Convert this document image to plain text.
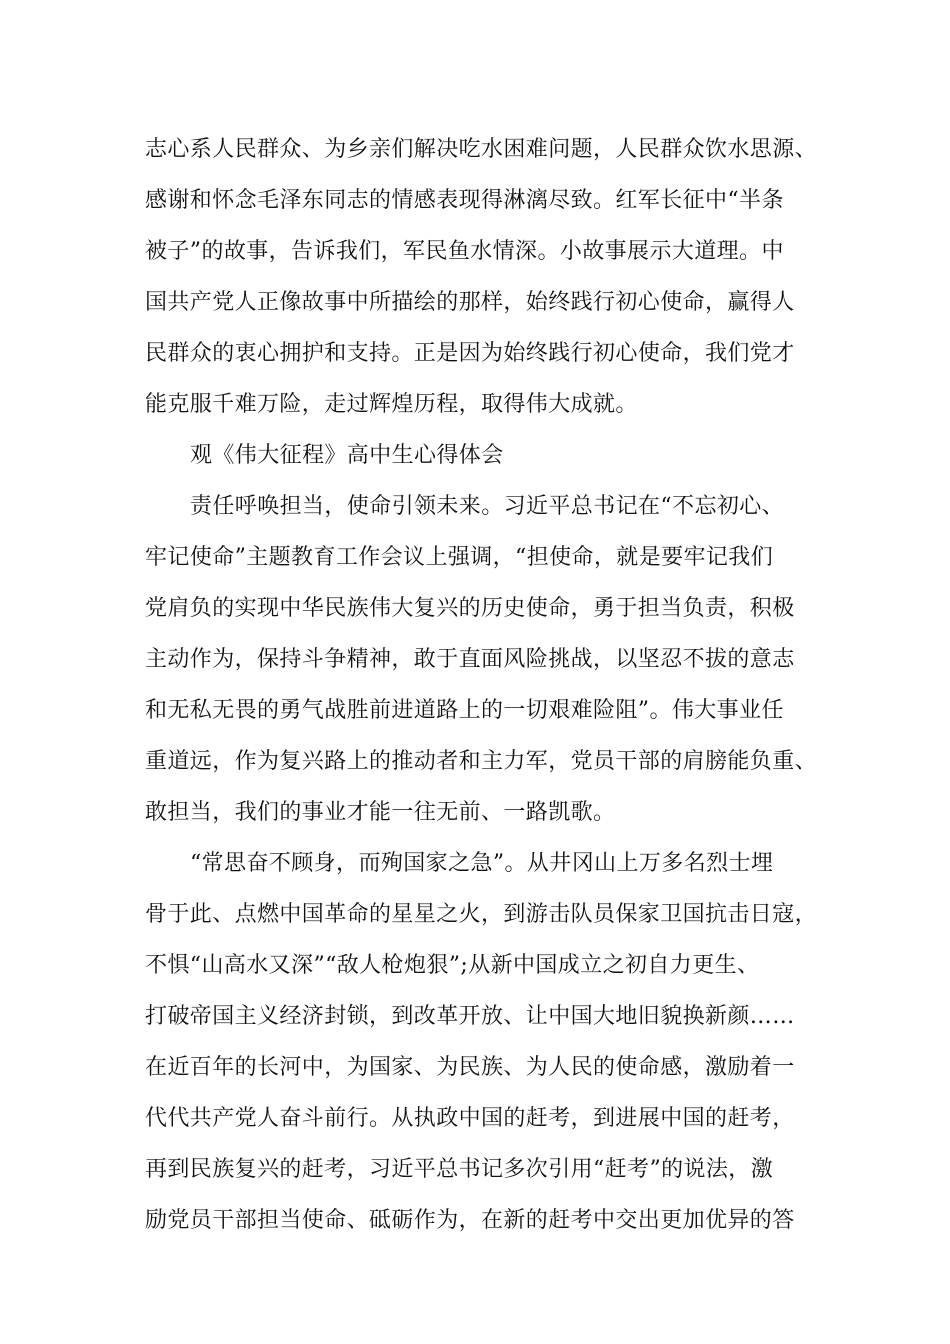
志心系人民群众、为乡亲们解决吃水困难问题，人民群众饮水思源、
感谢和怀念毛泽东同志的情感表现得淋漓尽致。红军长征中“半条
被子”的故事，告诉我们，军民鱼水情深。小故事展示大道理。中
国共产党人正像故事中所描绘的那样，始终践行初心使命，赢得人
民群众的衷心拥护和支持。正是因为始终践行初心使命，我们党才
能克服千难万险，走过辉煌历程，取得伟大成就。
观《伟大征程》高中生心得体会
责任呼唤担当，使命引领未来。习近平总书记在“不忘初心、
牢记使命”主题教育工作会议上强调，“担使命，就是要牢记我们
党肩负的实现中华民族伟大复兴的历史使命，勇于担当负责，积极
主动作为，保持斗争精神，敢于直面风险挑战，以坚忍不拔的意志
和无私无畏的勇气战胜前进道路上的一切艰难险阻”。伟大事业任
重道远，作为复兴路上的推动者和主力军，党员干部的肩膀能负重、
敢担当，我们的事业才能一往无前、一路凯歌。
“常思奋不顾身，而殉国家之急”。从井冈山上万多名烈士埋
骨于此、点燃中国革命的星星之火，到游击队员保家卫国抗击日寇，
不惧“山高水又深”“敌人枪炮狠”;从新中国成立之初自力更生、
打破帝国主义经济封锁，到改革开放、让中国大地旧貌换新颜……
在近百年的长河中，为国家、为民族、为人民的使命感，激励着一
代代共产党人奋斗前行。从执政中国的赶考，到进展中国的赶考，
再到民族复兴的赶考，习近平总书记多次引用“赶考”的说法，激
励党员干部担当使命、砥砺作为，在新的赶考中交出更加优异的答
